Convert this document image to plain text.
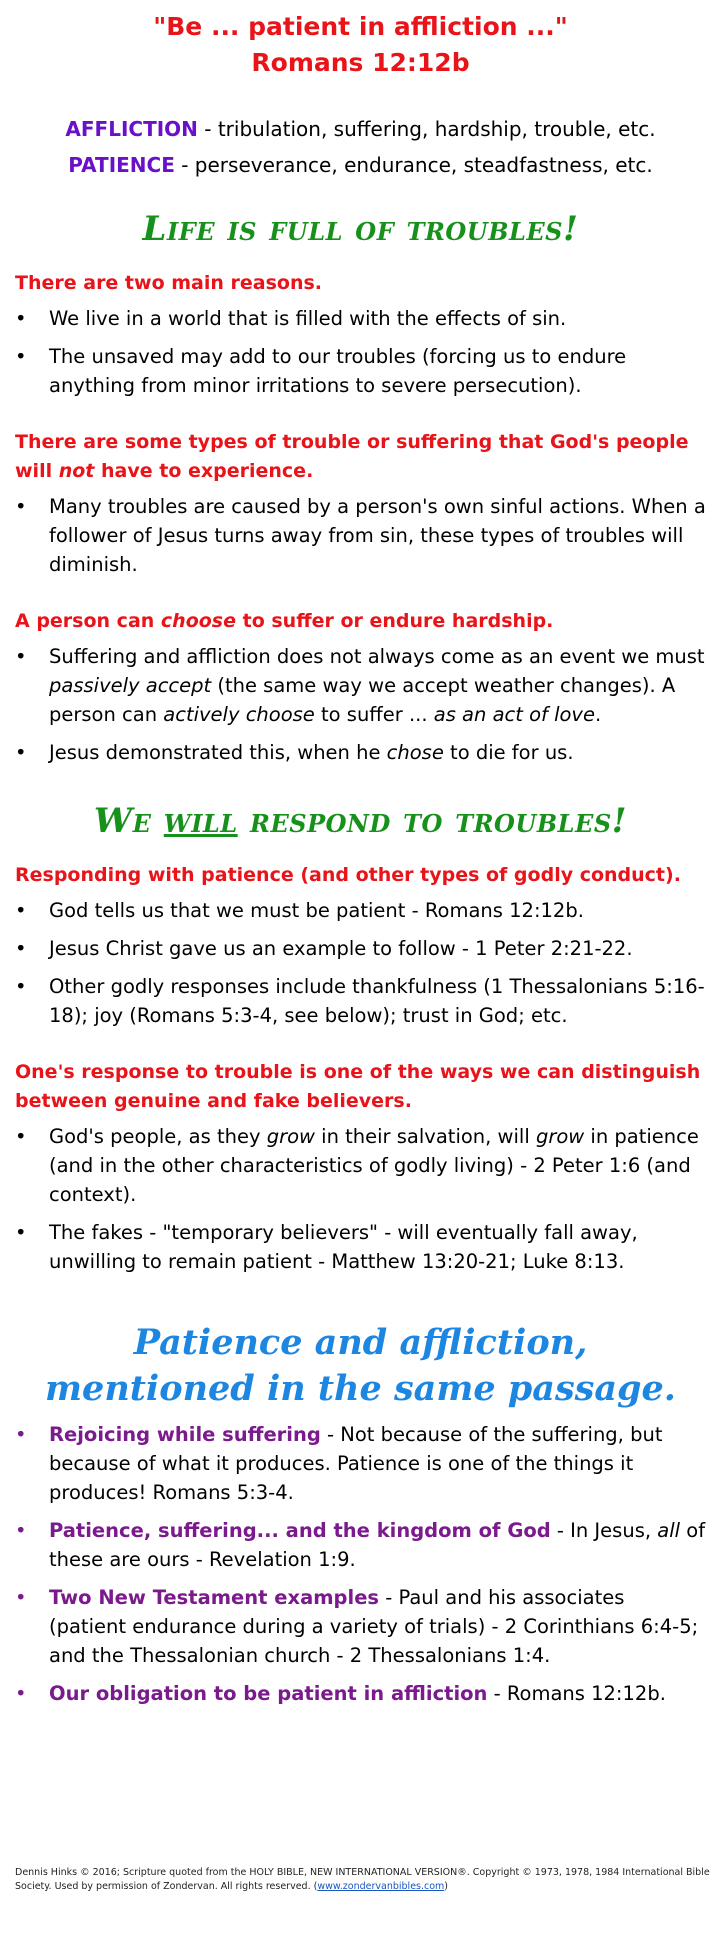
"Be ... patient in affliction ..."
Romans 12:12b
AFFLICTION - tribulation, suffering, hardship, trouble, etc.
PATIENCE - perseverance, endurance, steadfastness, etc.
Life is full of troubles!
There are two main reasons.
• We live in a world that is filled with the effects of sin.
• The unsaved may add to our troubles (forcing us to endure anything from minor irritations to severe persecution).
There are some types of trouble or suffering that God's people will not have to experience.
• Many troubles are caused by a person's own sinful actions. When a follower of Jesus turns away from sin, these types of troubles will diminish.
A person can choose to suffer or endure hardship.
• Suffering and affliction does not always come as an event we must passively accept (the same way we accept weather changes). A person can actively choose to suffer ... as an act of love.
• Jesus demonstrated this, when he chose to die for us.
We will respond to troubles!
Responding with patience (and other types of godly conduct).
• God tells us that we must be patient - Romans 12:12b.
• Jesus Christ gave us an example to follow - 1 Peter 2:21-22.
• Other godly responses include thankfulness (1 Thessalonians 5:16-18); joy (Romans 5:3-4, see below); trust in God; etc.
One's response to trouble is one of the ways we can distinguish between genuine and fake believers.
• God's people, as they grow in their salvation, will grow in patience (and in the other characteristics of godly living) - 2 Peter 1:6 (and context).
• The fakes - "temporary believers" - will eventually fall away, unwilling to remain patient - Matthew 13:20-21; Luke 8:13.
Patience and affliction,
mentioned in the same passage.
• Rejoicing while suffering - Not because of the suffering, but because of what it produces. Patience is one of the things it produces! Romans 5:3-4.
• Patience, suffering... and the kingdom of God - In Jesus, all of these are ours - Revelation 1:9.
• Two New Testament examples - Paul and his associates (patient endurance during a variety of trials) - 2 Corinthians 6:4-5; and the Thessalonian church - 2 Thessalonians 1:4.
• Our obligation to be patient in affliction - Romans 12:12b.
Dennis Hinks © 2016; Scripture quoted from the HOLY BIBLE, NEW INTERNATIONAL VERSION®. Copyright © 1973, 1978, 1984 International Bible Society. Used by permission of Zondervan. All rights reserved. (www.zondervanbibles.com)
